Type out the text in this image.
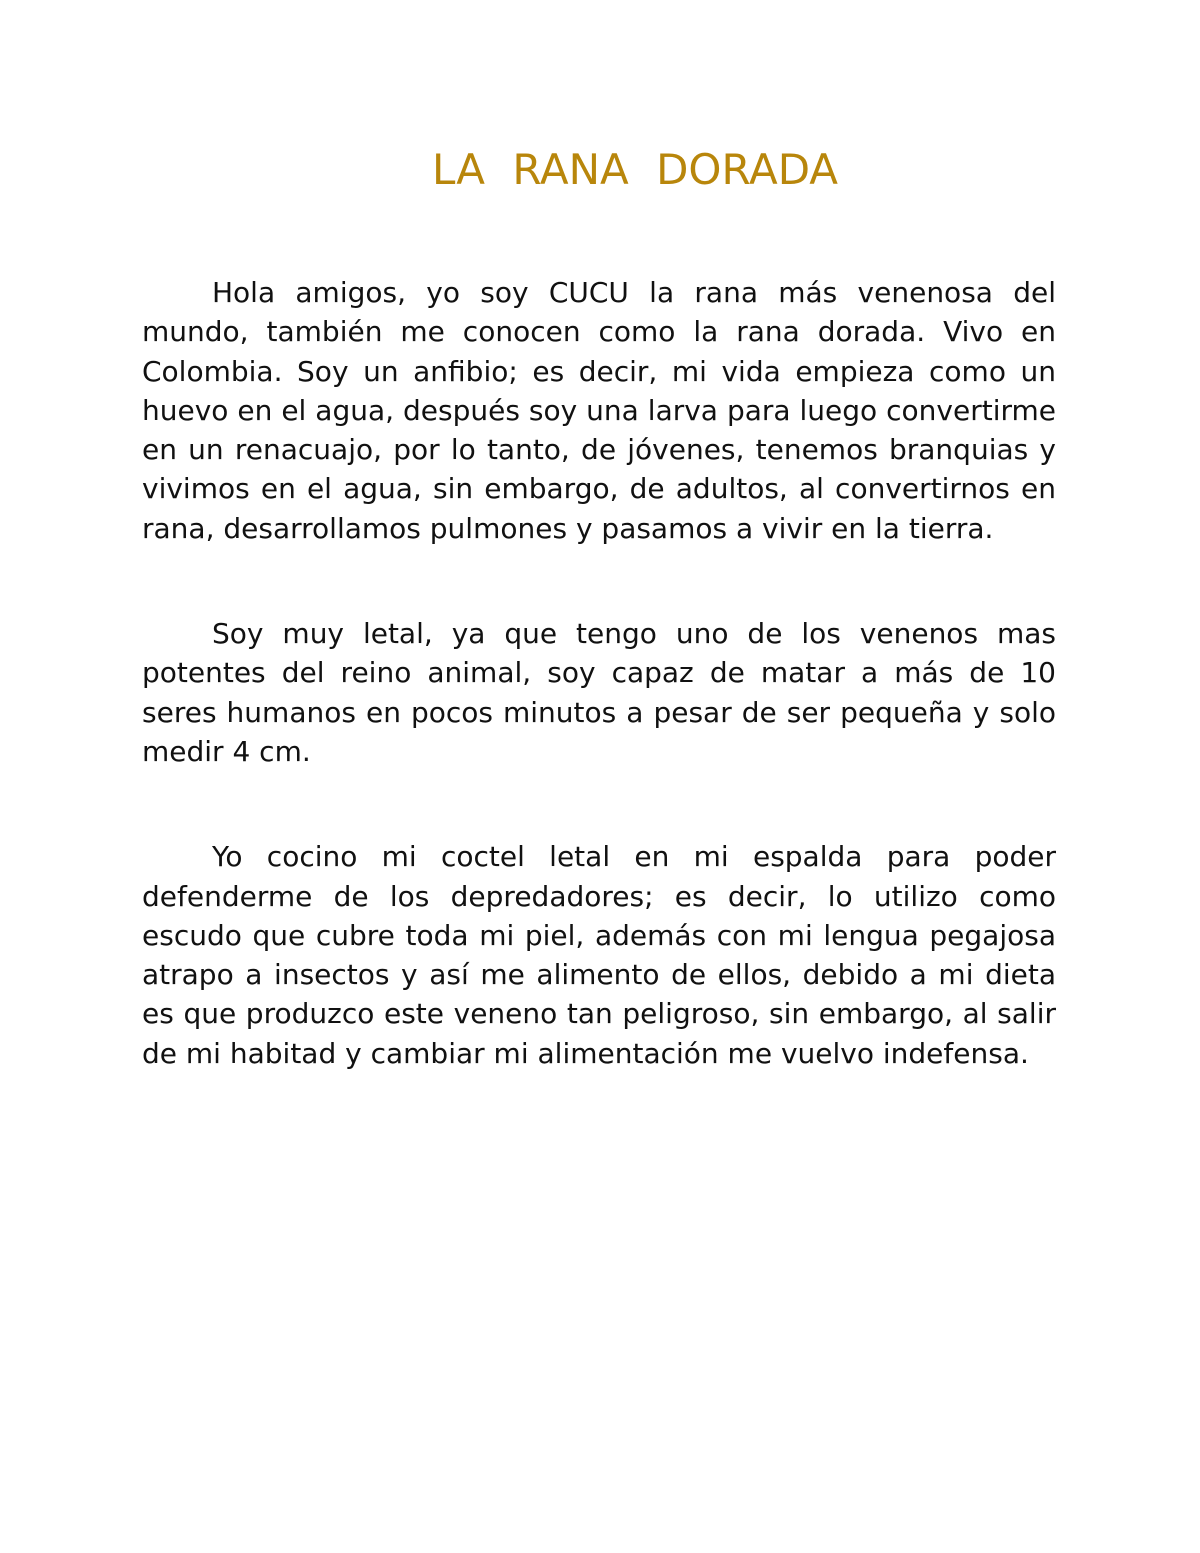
LA RANA DORADA

Hola amigos, yo soy CUCU la rana más venenosa del mundo, también me conocen como la rana dorada. Vivo en Colombia. Soy un anfibio; es decir, mi vida empieza como un huevo en el agua, después soy una larva para luego convertirme en un renacuajo, por lo tanto, de jóvenes, tenemos branquias y vivimos en el agua, sin embargo, de adultos, al convertirnos en rana, desarrollamos pulmones y pasamos a vivir en la tierra.

Soy muy letal, ya que tengo uno de los venenos mas potentes del reino animal, soy capaz de matar a más de 10 seres humanos en pocos minutos a pesar de ser pequeña y solo medir 4 cm.

Yo cocino mi coctel letal en mi espalda para poder defenderme de los depredadores; es decir, lo utilizo como escudo que cubre toda mi piel, además con mi lengua pegajosa atrapo a insectos y así me alimento de ellos, debido a mi dieta es que produzco este veneno tan peligroso, sin embargo, al salir de mi habitad y cambiar mi alimentación me vuelvo indefensa.
